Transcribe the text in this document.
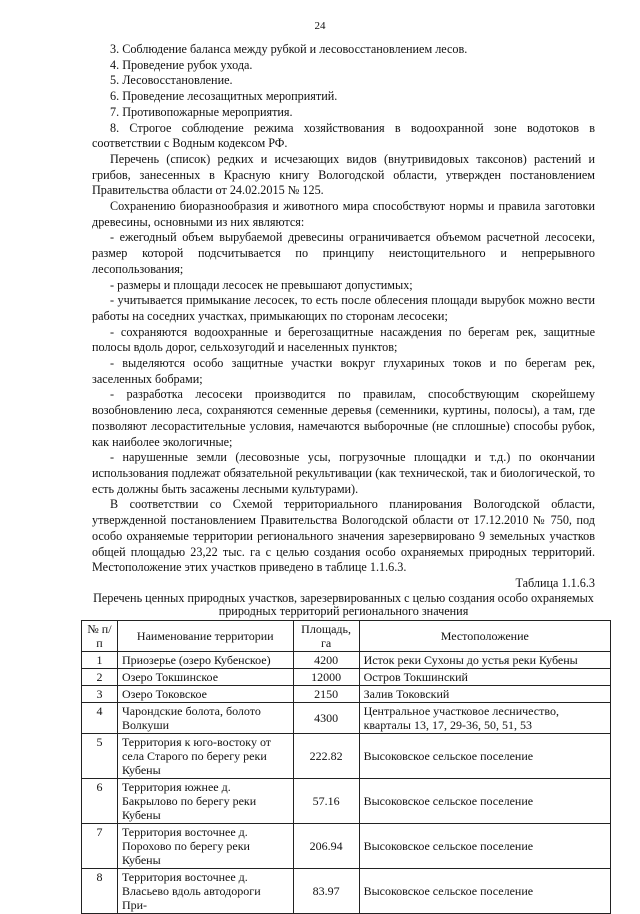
24

3. Соблюдение баланса между рубкой и лесовосстановлением лесов.

4. Проведение рубок ухода.

5. Лесовосстановление.

6. Проведение лесозащитных мероприятий.

7. Противопожарные мероприятия.

8. Строгое соблюдение режима хозяйствования в водоохранной зоне водотоков в соответствии с Водным кодексом РФ.

Перечень (список) редких и исчезающих видов (внутривидовых таксонов) растений и грибов, занесенных в Красную книгу Вологодской области, утвержден постановлением Правительства области от 24.02.2015 № 125.

Сохранению биоразнообразия и животного мира способствуют нормы и правила заготовки древесины, основными из них являются:

- ежегодный объем вырубаемой древесины ограничивается объемом расчетной лесосеки, размер которой подсчитывается по принципу неистощительного и непрерывного лесопользования;

- размеры и площади лесосек не превышают допустимых;

- учитывается примыкание лесосек, то есть после облесения площади вырубок можно вести работы на соседних участках, примыкающих по сторонам лесосеки;

- сохраняются водоохранные и берегозащитные насаждения по берегам рек, защитные полосы вдоль дорог, сельхозугодий и населенных пунктов;

- выделяются особо защитные участки вокруг глухариных токов и по берегам рек, заселенных бобрами;

- разработка лесосеки производится по правилам, способствующим скорейшему возобновлению леса, сохраняются семенные деревья (семенники, куртины, полосы), а там, где позволяют лесорастительные условия, намечаются выборочные (не сплошные) способы рубок, как наиболее экологичные;

- нарушенные земли (лесовозные усы, погрузочные площадки и т.д.) по окончании использования подлежат обязательной рекультивации (как технической, так и биологической, то есть должны быть засажены лесными культурами).

В соответствии со Схемой территориального планирования Вологодской области, утвержденной постановлением Правительства Вологодской области от 17.12.2010 № 750, под особо охраняемые территории регионального значения зарезервировано 9 земельных участков общей площадью 23,22 тыс. га с целью создания особо охраняемых природных территорий. Местоположение этих участков приведено в таблице 1.1.6.3.

Таблица 1.1.6.3

Перечень ценных природных участков, зарезервированных с целью создания особо охраняемых природных территорий регионального значения

№ п/п	Наименование территории	Площадь, га	Местоположение
1	Приозерье (озеро Кубенское)	4200	Исток реки Сухоны до устья реки Кубены
2	Озеро Токшинское	12000	Остров Токшинский
3	Озеро Токовское	2150	Залив Токовский
4	Чарондские болота, болото Волкуши	4300	Центральное участковое лесничество, кварталы 13, 17, 29-36, 50, 51, 53
5	Территория к юго-востоку от села Старого по берегу реки Кубены	222.82	Высоковское сельское поселение
6	Территория южнее д. Бакрылово по берегу реки Кубены	57.16	Высоковское сельское поселение
7	Территория восточнее д. Порохово по берегу реки Кубены	206.94	Высоковское сельское поселение
8	Территория восточнее д. Власьево вдоль автодороги При-	83.97	Высоковское сельское поселение
